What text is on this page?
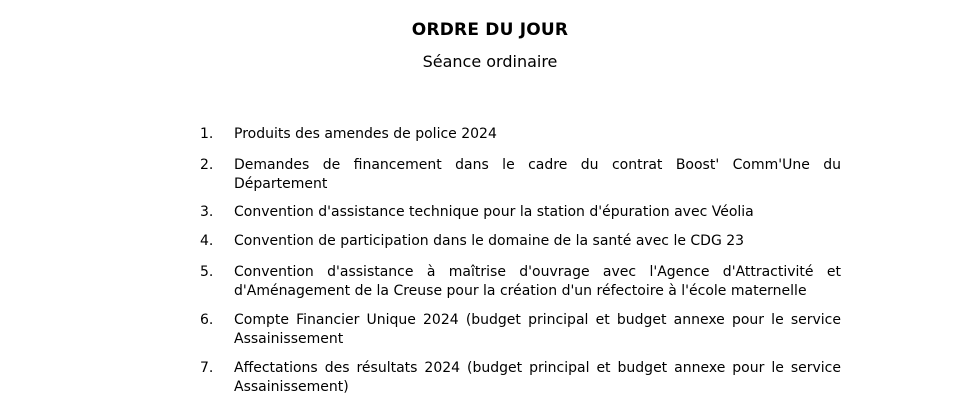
ORDRE DU JOUR
Séance ordinaire
1.	Produits des amendes de police 2024
2.	Demandes de financement dans le cadre du contrat Boost' Comm'Une du Département
3.	Convention d'assistance technique pour la station d'épuration avec Véolia
4.	Convention de participation dans le domaine de la santé avec le CDG 23
5.	Convention d'assistance à maîtrise d'ouvrage avec l'Agence d'Attractivité et d'Aménagement de la Creuse pour la création d'un réfectoire à l'école maternelle
6.	Compte Financier Unique 2024 (budget principal et budget annexe pour le service Assainissement
7.	Affectations des résultats 2024 (budget principal et budget annexe pour le service Assainissement)
